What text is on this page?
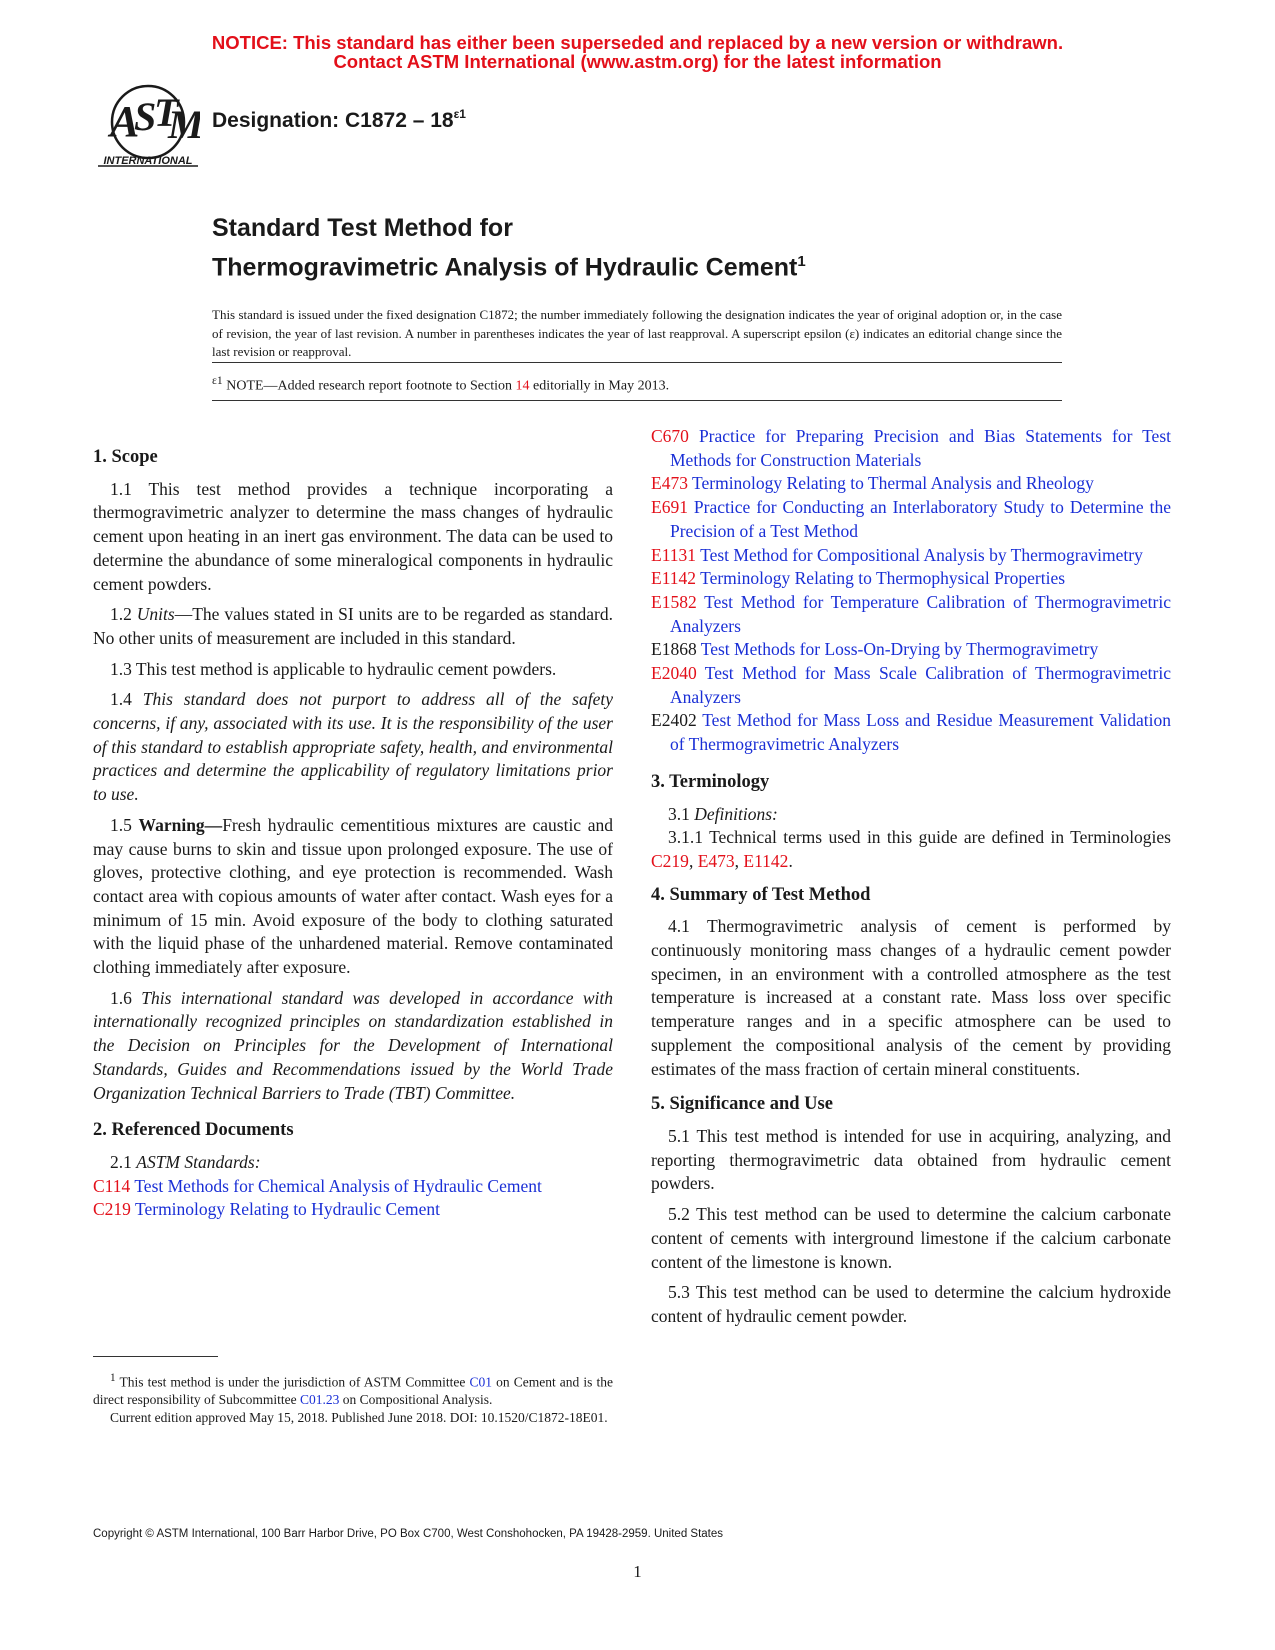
NOTICE: This standard has either been superseded and replaced by a new version or withdrawn.
Contact ASTM International (www.astm.org) for the latest information
A
S
T
INTERNATIONAL
Designation: $C1872 - 18^{\varepsilon 1}$
Standard Test Method for
Thermogravimetric Analysis of Hydraulic Cement$^1$
This standard is issued under the fixed designation C1872; the number immediately following the designation indicates the year of original adoption or, in the case of revision, the year of last revision. A number in parentheses indicates the year of last reapproval. A superscript epsilon (ε) indicates an editorial change since the last revision or reapproval.
$^{\varepsilon 1}$ NOTE—Added research report footnote to Section 14 editorially in May 2013.
1. Scope

1.1 This test method provides a technique incorporating a thermogravimetric analyzer to determine the mass changes of hydraulic cement upon heating in an inert gas environment. The data can be used to determine the abundance of some mineralogical components in hydraulic cement powders.

1.2 Units—The values stated in SI units are to be regarded as standard. No other units of measurement are included in this standard.

1.3 This test method is applicable to hydraulic cement powders.

1.4 This standard does not purport to address all of the safety concerns, if any, associated with its use. It is the responsibility of the user of this standard to establish appropriate safety, health, and environmental practices and determine the applicability of regulatory limitations prior to use.

1.5 Warning—Fresh hydraulic cementitious mixtures are caustic and may cause burns to skin and tissue upon prolonged exposure. The use of gloves, protective clothing, and eye protection is recommended. Wash contact area with copious amounts of water after contact. Wash eyes for a minimum of 15 min. Avoid exposure of the body to clothing saturated with the liquid phase of the unhardened material. Remove contaminated clothing immediately after exposure.

1.6 This international standard was developed in accordance with internationally recognized principles on standardization established in the Decision on Principles for the Development of International Standards, Guides and Recommendations issued by the World Trade Organization Technical Barriers to Trade (TBT) Committee.

2. Referenced Documents

2.1 ASTM Standards:

C114 Test Methods for Chemical Analysis of Hydraulic Cement
C219 Terminology Relating to Hydraulic Cement
C670 Practice for Preparing Precision and Bias Statements for Test Methods for Construction Materials
E473 Terminology Relating to Thermal Analysis and Rheology
E691 Practice for Conducting an Interlaboratory Study to Determine the Precision of a Test Method
E1131 Test Method for Compositional Analysis by Thermogravimetry
E1142 Terminology Relating to Thermophysical Properties
E1582 Test Method for Temperature Calibration of Thermogravimetric Analyzers
E1868 Test Methods for Loss-On-Drying by Thermogravimetry
E2040 Test Method for Mass Scale Calibration of Thermogravimetric Analyzers
E2402 Test Method for Mass Loss and Residue Measurement Validation of Thermogravimetric Analyzers
3. Terminology

3.1 Definitions:

3.1.1 Technical terms used in this guide are defined in Terminologies C219, E473, E1142.

4. Summary of Test Method

4.1 Thermogravimetric analysis of cement is performed by continuously monitoring mass changes of a hydraulic cement powder specimen, in an environment with a controlled atmosphere as the test temperature is increased at a constant rate. Mass loss over specific temperature ranges and in a specific atmosphere can be used to supplement the compositional analysis of the cement by providing estimates of the mass fraction of certain mineral constituents.

5. Significance and Use

5.1 This test method is intended for use in acquiring, analyzing, and reporting thermogravimetric data obtained from hydraulic cement powders.

5.2 This test method can be used to determine the calcium carbonate content of cements with interground limestone if the calcium carbonate content of the limestone is known.

5.3 This test method can be used to determine the calcium hydroxide content of hydraulic cement powder.

$^1$ This test method is under the jurisdiction of ASTM Committee C01 on Cement and is the direct responsibility of Subcommittee C01.23 on Compositional Analysis.
Current edition approved May 15, 2018. Published June 2018. DOI: 10.1520/C1872-18E01.
Copyright © ASTM International, 100 Barr Harbor Drive, PO Box C700, West Conshohocken, PA 19428-2959. United States
1
